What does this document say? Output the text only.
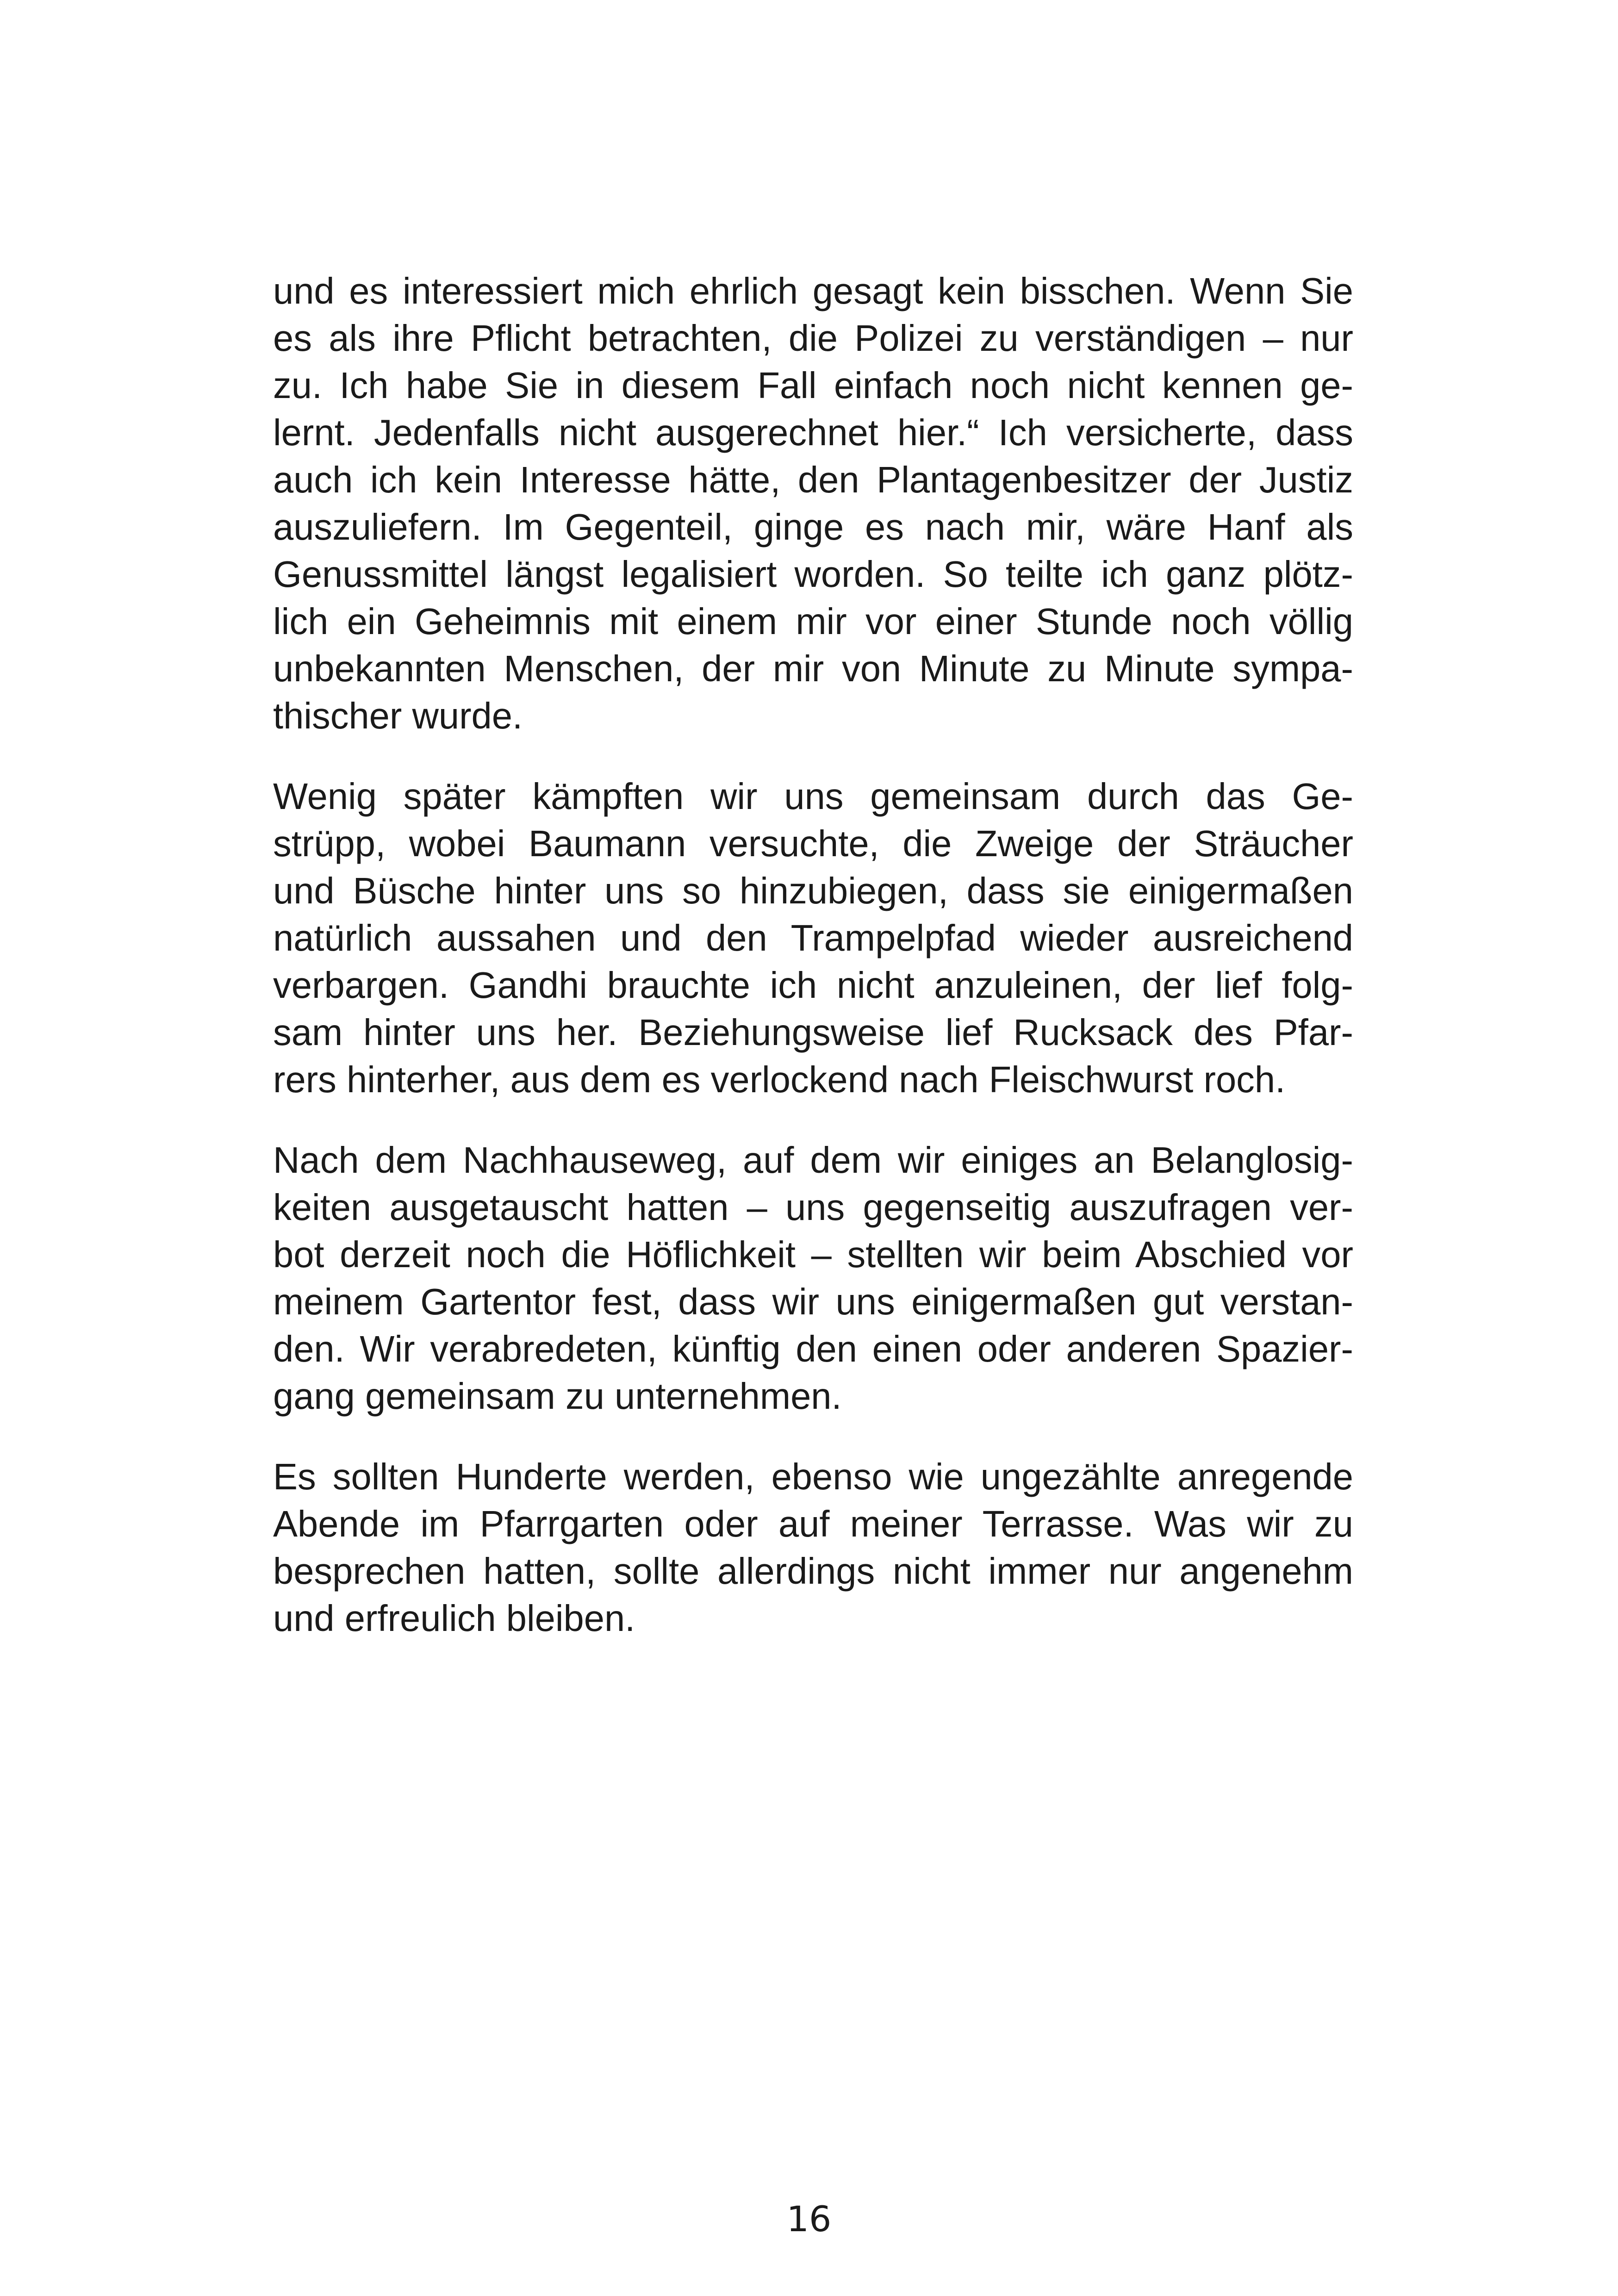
und es interessiert mich ehrlich gesagt kein bisschen. Wenn Sie
es als ihre Pflicht betrachten, die Polizei zu verständigen – nur
zu. Ich habe Sie in diesem Fall einfach noch nicht kennen ge-
lernt. Jedenfalls nicht ausgerechnet hier.“ Ich versicherte, dass
auch ich kein Interesse hätte, den Plantagenbesitzer der Justiz
auszuliefern. Im Gegenteil, ginge es nach mir, wäre Hanf als
Genussmittel längst legalisiert worden. So teilte ich ganz plötz-
lich ein Geheimnis mit einem mir vor einer Stunde noch völlig
unbekannten Menschen, der mir von Minute zu Minute sympa-
thischer wurde.

Wenig später kämpften wir uns gemeinsam durch das Ge-
strüpp, wobei Baumann versuchte, die Zweige der Sträucher
und Büsche hinter uns so hinzubiegen, dass sie einigermaßen
natürlich aussahen und den Trampelpfad wieder ausreichend
verbargen. Gandhi brauchte ich nicht anzuleinen, der lief folg-
sam hinter uns her. Beziehungsweise lief Rucksack des Pfar-
rers hinterher, aus dem es verlockend nach Fleischwurst roch.

Nach dem Nachhauseweg, auf dem wir einiges an Belanglosig-
keiten ausgetauscht hatten – uns gegenseitig auszufragen ver-
bot derzeit noch die Höflichkeit – stellten wir beim Abschied vor
meinem Gartentor fest, dass wir uns einigermaßen gut verstan-
den. Wir verabredeten, künftig den einen oder anderen Spazier-
gang gemeinsam zu unternehmen.

Es sollten Hunderte werden, ebenso wie ungezählte anregende
Abende im Pfarrgarten oder auf meiner Terrasse. Was wir zu
besprechen hatten, sollte allerdings nicht immer nur angenehm
und erfreulich bleiben.

16
